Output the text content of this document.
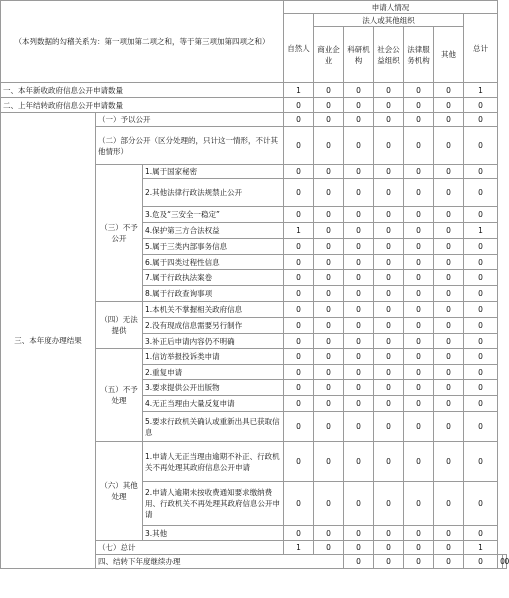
（本列数据的勾稽关系为：第一项加第二项之和，等于第三项加第四项之和）			申请人情况								
			自然人	法人或其他组织					总计		
				商业企业	科研机构	社会公益组织	法律服务机构	其他			
一、本年新收政府信息公开申请数量			1	0	0	0	0	0	1		
二、上年结转政府信息公开申请数量			0	0	0	0	0	0	0		
三、本年度办理结果	（一）予以公开		0	0	0	0	0	0	0		
	（二）部分公开（区分处理的，只计这一情形，不计其他情形）		0	0	0	0	0	0	0		
	（三）不予公开	1.属于国家秘密	0	0	0	0	0	0	0		
		2.其他法律行政法规禁止公开	0	0	0	0	0	0	0		
		3.危及“三安全一稳定”	0	0	0	0	0	0	0		
		4.保护第三方合法权益	1	0	0	0	0	0	1		
		5.属于三类内部事务信息	0	0	0	0	0	0	0		
		6.属于四类过程性信息	0	0	0	0	0	0	0		
		7.属于行政执法案卷	0	0	0	0	0	0	0		
		8.属于行政查询事项	0	0	0	0	0	0	0		
	（四）无法提供	1.本机关不掌握相关政府信息	0	0	0	0	0	0	0		
		2.没有现成信息需要另行制作	0	0	0	0	0	0	0		
		3.补正后申请内容仍不明确	0	0	0	0	0	0	0		
	（五）不予处理	1.信访举报投诉类申请	0	0	0	0	0	0	0		
		2.重复申请	0	0	0	0	0	0	0		
		3.要求提供公开出版物	0	0	0	0	0	0	0		
		4.无正当理由大量反复申请	0	0	0	0	0	0	0		
		5.要求行政机关确认或重新出具已获取信息	0	0	0	0	0	0	0		
	（六）其他处理	1.申请人无正当理由逾期不补正、行政机关不再处理其政府信息公开申请	0	0	0	0	0	0	0		
		2.申请人逾期未按收费通知要求缴纳费用、行政机关不再处理其政府信息公开申请	0	0	0	0	0	0	0		
		3.其他	0	0	0	0	0	0	0		
	（七）总计		1	0	0	0	0	0	1		
	四、结转下年度继续办理				0	0	0	0	0	0	0
